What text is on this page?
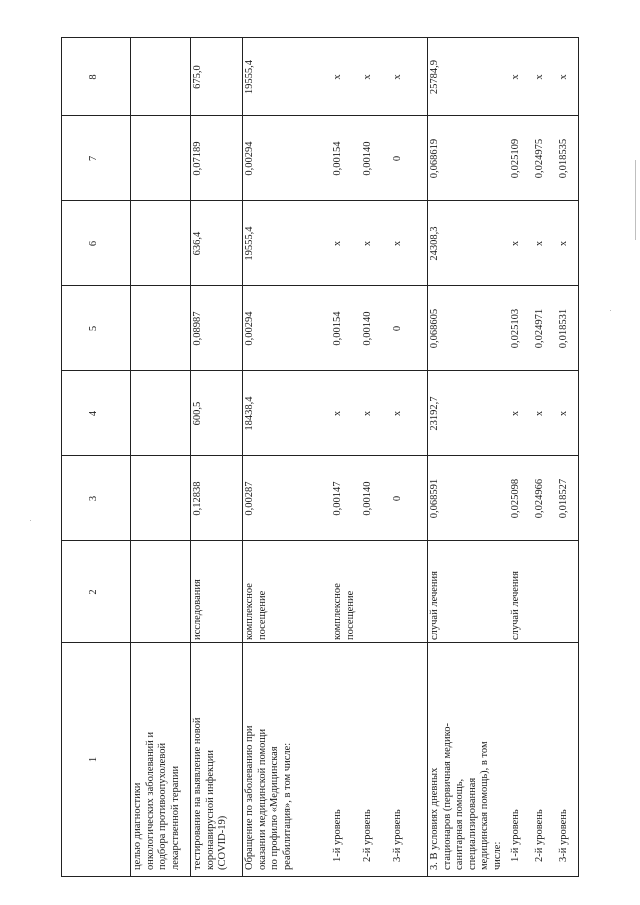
1
2
3
4
5
6
7
8
целью диагностики
онкологических заболеваний и
подбора противоопухолевой
лекарственной терапии
тестирование на выявление новой
коронавирусной инфекции
(COVID-19)
исследования
0,12838
600,5
0,08987
636,4
0,07189
675,0
Обращение по заболеванию при
оказании медицинской помощи
по профилю «Медицинская
реабилитация», в том числе:
комплексное
посещение
0,00287
18438,4
0,00294
19555,4
0,00294
19555,4
комплексное
посещение
1-й уровень
0,00147
x
0,00154
x
0,00154
x
2-й уровень
0,00140
x
0,00140
x
0,00140
x
3-й уровень
0
x
0
x
0
x
3. В условиях дневных
стационаров (первичная медико-
санитарная помощь,
специализированная
медицинская помощь), в том
числе:
случай лечения
0,068591
23192,7
0,068605
24308,3
0,068619
25784,9
случай лечения
1-й уровень
0,025098
x
0,025103
x
0,025109
x
2-й уровень
0,024966
x
0,024971
x
0,024975
x
3-й уровень
0,018527
x
0,018531
x
0,018535
x
